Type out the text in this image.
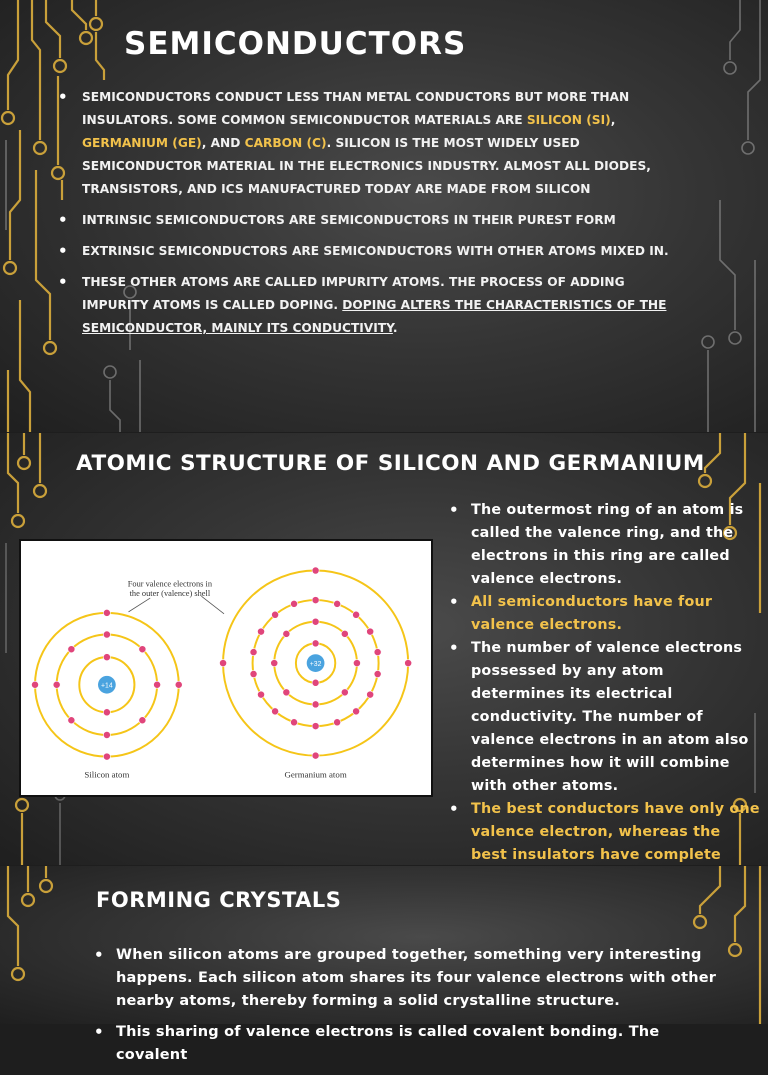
SEMICONDUCTORS
• SEMICONDUCTORS CONDUCT LESS THAN METAL CONDUCTORS BUT MORE THAN INSULATORS. SOME COMMON SEMICONDUCTOR MATERIALS ARE SILICON (SI), GERMANIUM (GE), AND CARBON (C). SILICON IS THE MOST WIDELY USED SEMICONDUCTOR MATERIAL IN THE ELECTRONICS INDUSTRY. ALMOST ALL DIODES, TRANSISTORS, AND ICS MANUFACTURED TODAY ARE MADE FROM SILICON
• INTRINSIC SEMICONDUCTORS ARE SEMICONDUCTORS IN THEIR PUREST FORM
• EXTRINSIC SEMICONDUCTORS ARE SEMICONDUCTORS WITH OTHER ATOMS MIXED IN.
• THESE OTHER ATOMS ARE CALLED IMPURITY ATOMS. THE PROCESS OF ADDING IMPURITY ATOMS IS CALLED DOPING. DOPING ALTERS THE CHARACTERISTICS OF THE SEMICONDUCTOR, MAINLY ITS CONDUCTIVITY.
ATOMIC STRUCTURE OF SILICON AND GERMANIUM
Four valence electrons in
the outer (valence) shell
+14
+32
Silicon atom	Germanium atom
• The outermost ring of an atom is called the valence ring, and the electrons in this ring are called valence electrons.
• All semiconductors have four valence electrons.
• The number of valence electrons possessed by any atom determines its electrical conductivity. The number of valence electrons in an atom also determines how it will combine with other atoms.
• The best conductors have only one valence electron, whereas the best insulators have complete
FORMING CRYSTALS
• When silicon atoms are grouped together, something very interesting happens. Each silicon atom shares its four valence electrons with other nearby atoms, thereby forming a solid crystalline structure.
• This sharing of valence electrons is called covalent bonding. The covalent
